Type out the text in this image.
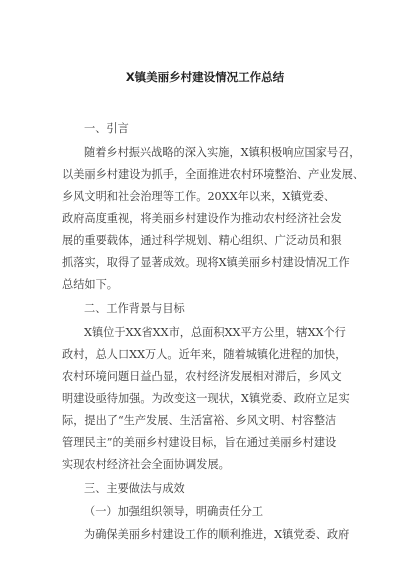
X镇美丽乡村建设情况工作总结
一、引言
随着乡村振兴战略的深入实施，X镇积极响应国家号召，
以美丽乡村建设为抓手，全面推进农村环境整治、产业发展、
乡风文明和社会治理等工作。20XX年以来，X镇党委、
政府高度重视，将美丽乡村建设作为推动农村经济社会发
展的重要载体，通过科学规划、精心组织、广泛动员和狠
抓落实，取得了显著成效。现将X镇美丽乡村建设情况工作
总结如下。
二、工作背景与目标
X镇位于XX省XX市，总面积XX平方公里，辖XX个行
政村，总人口XX万人。近年来，随着城镇化进程的加快，
农村环境问题日益凸显，农村经济发展相对滞后，乡风文
明建设亟待加强。为改变这一现状，X镇党委、政府立足实
际，提出了“生产发展、生活富裕、乡风文明、村容整洁
管理民主”的美丽乡村建设目标，旨在通过美丽乡村建设
实现农村经济社会全面协调发展。
三、主要做法与成效
（一）加强组织领导，明确责任分工
为确保美丽乡村建设工作的顺利推进，X镇党委、政府
